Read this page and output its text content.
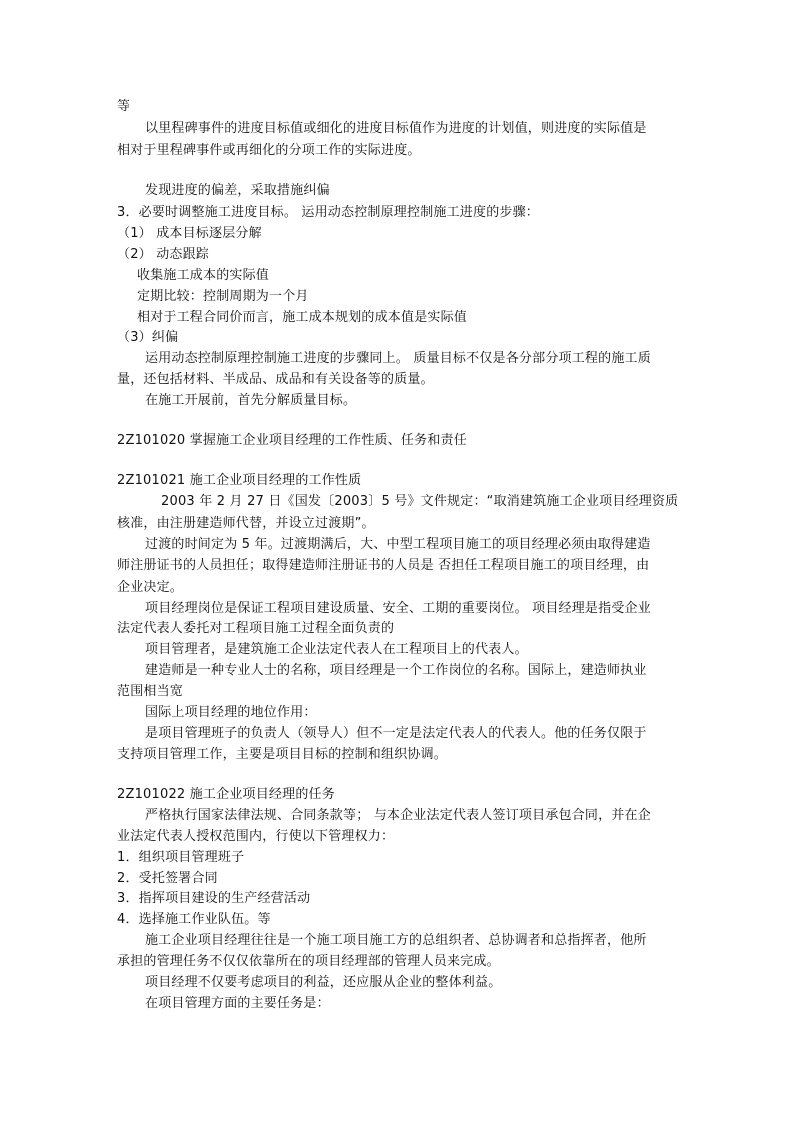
等
以里程碑事件的进度目标值或细化的进度目标值作为进度的计划值，则进度的实际值是
相对于里程碑事件或再细化的分项工作的实际进度。
发现进度的偏差，采取措施纠偏
3．必要时调整施工进度目标。 运用动态控制原理控制施工进度的步骤：
（1） 成本目标逐层分解
（2） 动态跟踪
收集施工成本的实际值
定期比较：控制周期为一个月
相对于工程合同价而言，施工成本规划的成本值是实际值
（3）纠偏
运用动态控制原理控制施工进度的步骤同上。 质量目标不仅是各分部分项工程的施工质
量，还包括材料、半成品、成品和有关设备等的质量。
在施工开展前，首先分解质量目标。
2Z101020 掌握施工企业项目经理的工作性质、任务和责任
2Z101021 施工企业项目经理的工作性质
2003 年 2 月 27 日《国发〔2003〕5 号》文件规定：“取消建筑施工企业项目经理资质
核准，由注册建造师代替，并设立过渡期”。
过渡的时间定为 5 年。过渡期满后，大、中型工程项目施工的项目经理必须由取得建造
师注册证书的人员担任；取得建造师注册证书的人员是 否担任工程项目施工的项目经理，由
企业决定。
项目经理岗位是保证工程项目建设质量、安全、工期的重要岗位。 项目经理是指受企业
法定代表人委托对工程项目施工过程全面负责的
项目管理者，是建筑施工企业法定代表人在工程项目上的代表人。
建造师是一种专业人士的名称，项目经理是一个工作岗位的名称。国际上，建造师执业
范围相当宽
国际上项目经理的地位作用：
是项目管理班子的负责人（领导人）但不一定是法定代表人的代表人。他的任务仅限于
支持项目管理工作，主要是项目目标的控制和组织协调。
2Z101022 施工企业项目经理的任务
严格执行国家法律法规、合同条款等； 与本企业法定代表人签订项目承包合同，并在企
业法定代表人授权范围内，行使以下管理权力：
1．组织项目管理班子
2．受托签署合同
3．指挥项目建设的生产经营活动
4．选择施工作业队伍。等
施工企业项目经理往往是一个施工项目施工方的总组织者、总协调者和总指挥者，他所
承担的管理任务不仅仅依靠所在的项目经理部的管理人员来完成。
项目经理不仅要考虑项目的利益，还应服从企业的整体利益。
在项目管理方面的主要任务是：
